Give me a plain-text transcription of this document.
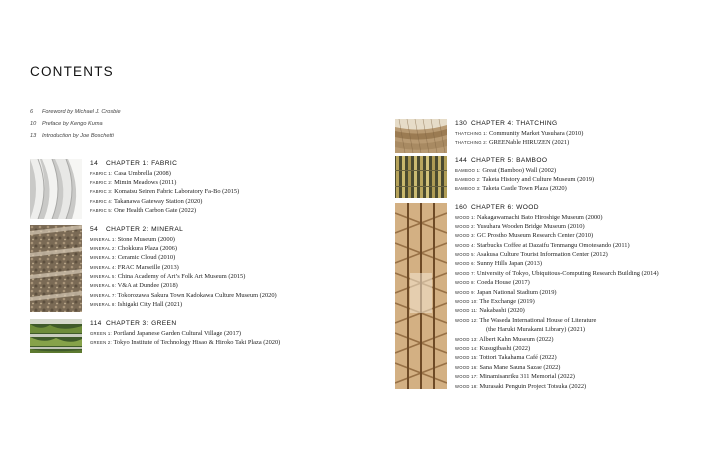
CONTENTS
6 Foreword by Michael J. Crosbie
10 Preface by Kengo Kuma
13 Introduction by Joe Boschetti
14 CHAPTER 1: FABRIC
FABRIC 1: Casa Umbrella (2008)
FABRIC 2: Mimin Meadows (2011)
FABRIC 3: Komatsu Seiren Fabric Laboratory Fa-Bo (2015)
FABRIC 4: Takanawa Gateway Station (2020)
FABRIC 5: One Health Carbon Gate (2022)
54 CHAPTER 2: MINERAL
MINERAL 1: Stone Museum (2000)
MINERAL 2: Chokkura Plaza (2006)
MINERAL 3: Ceramic Cloud (2010)
MINERAL 4: FRAC Marseille (2013)
MINERAL 5: China Academy of Art’s Folk Art Museum (2015)
MINERAL 6: V&A at Dundee (2018)
MINERAL 7: Tokorozawa Sakura Town Kadokawa Culture Museum (2020)
MINERAL 8: Ishigaki City Hall (2021)
114 CHAPTER 3: GREEN
GREEN 1: Portland Japanese Garden Cultural Village (2017)
GREEN 2: Tokyo Institute of Technology Hisao & Hiroko Taki Plaza (2020)
130 CHAPTER 4: THATCHING
THATCHING 1: Community Market Yusuhara (2010)
THATCHING 2: GREENable HIRUZEN (2021)
144 CHAPTER 5: BAMBOO
BAMBOO 1: Great (Bamboo) Wall (2002)
BAMBOO 2: Taketa History and Culture Museum (2019)
BAMBOO 3: Taketa Castle Town Plaza (2020)
160 CHAPTER 6: WOOD
WOOD 1: Nakagawamachi Bato Hiroshige Museum (2000)
WOOD 2: Yusuhara Wooden Bridge Museum (2010)
WOOD 3: GC Prostho Museum Research Center (2010)
WOOD 4: Starbucks Coffee at Dazaifu Tenmangu Omotesando (2011)
WOOD 5: Asakusa Culture Tourist Information Center (2012)
WOOD 6: Sunny Hills Japan (2013)
WOOD 7: University of Tokyo, Ubiquitous-Computing Research Building (2014)
WOOD 8: Coeda House (2017)
WOOD 9: Japan National Stadium (2019)
WOOD 10: The Exchange (2019)
WOOD 11: Nakabashi (2020)
WOOD 12: The Waseda International House of Literature
(the Haruki Murakami Library) (2021)
WOOD 13: Albert Kahn Museum (2022)
WOOD 14: Kusugibashi (2022)
WOOD 15: Tottori Takahama Café (2022)
WOOD 16: Sana Mane Sauna Sazae (2022)
WOOD 17: Minamisanriku 311 Memorial (2022)
WOOD 18: Murasaki Penguin Project Totsuka (2022)
